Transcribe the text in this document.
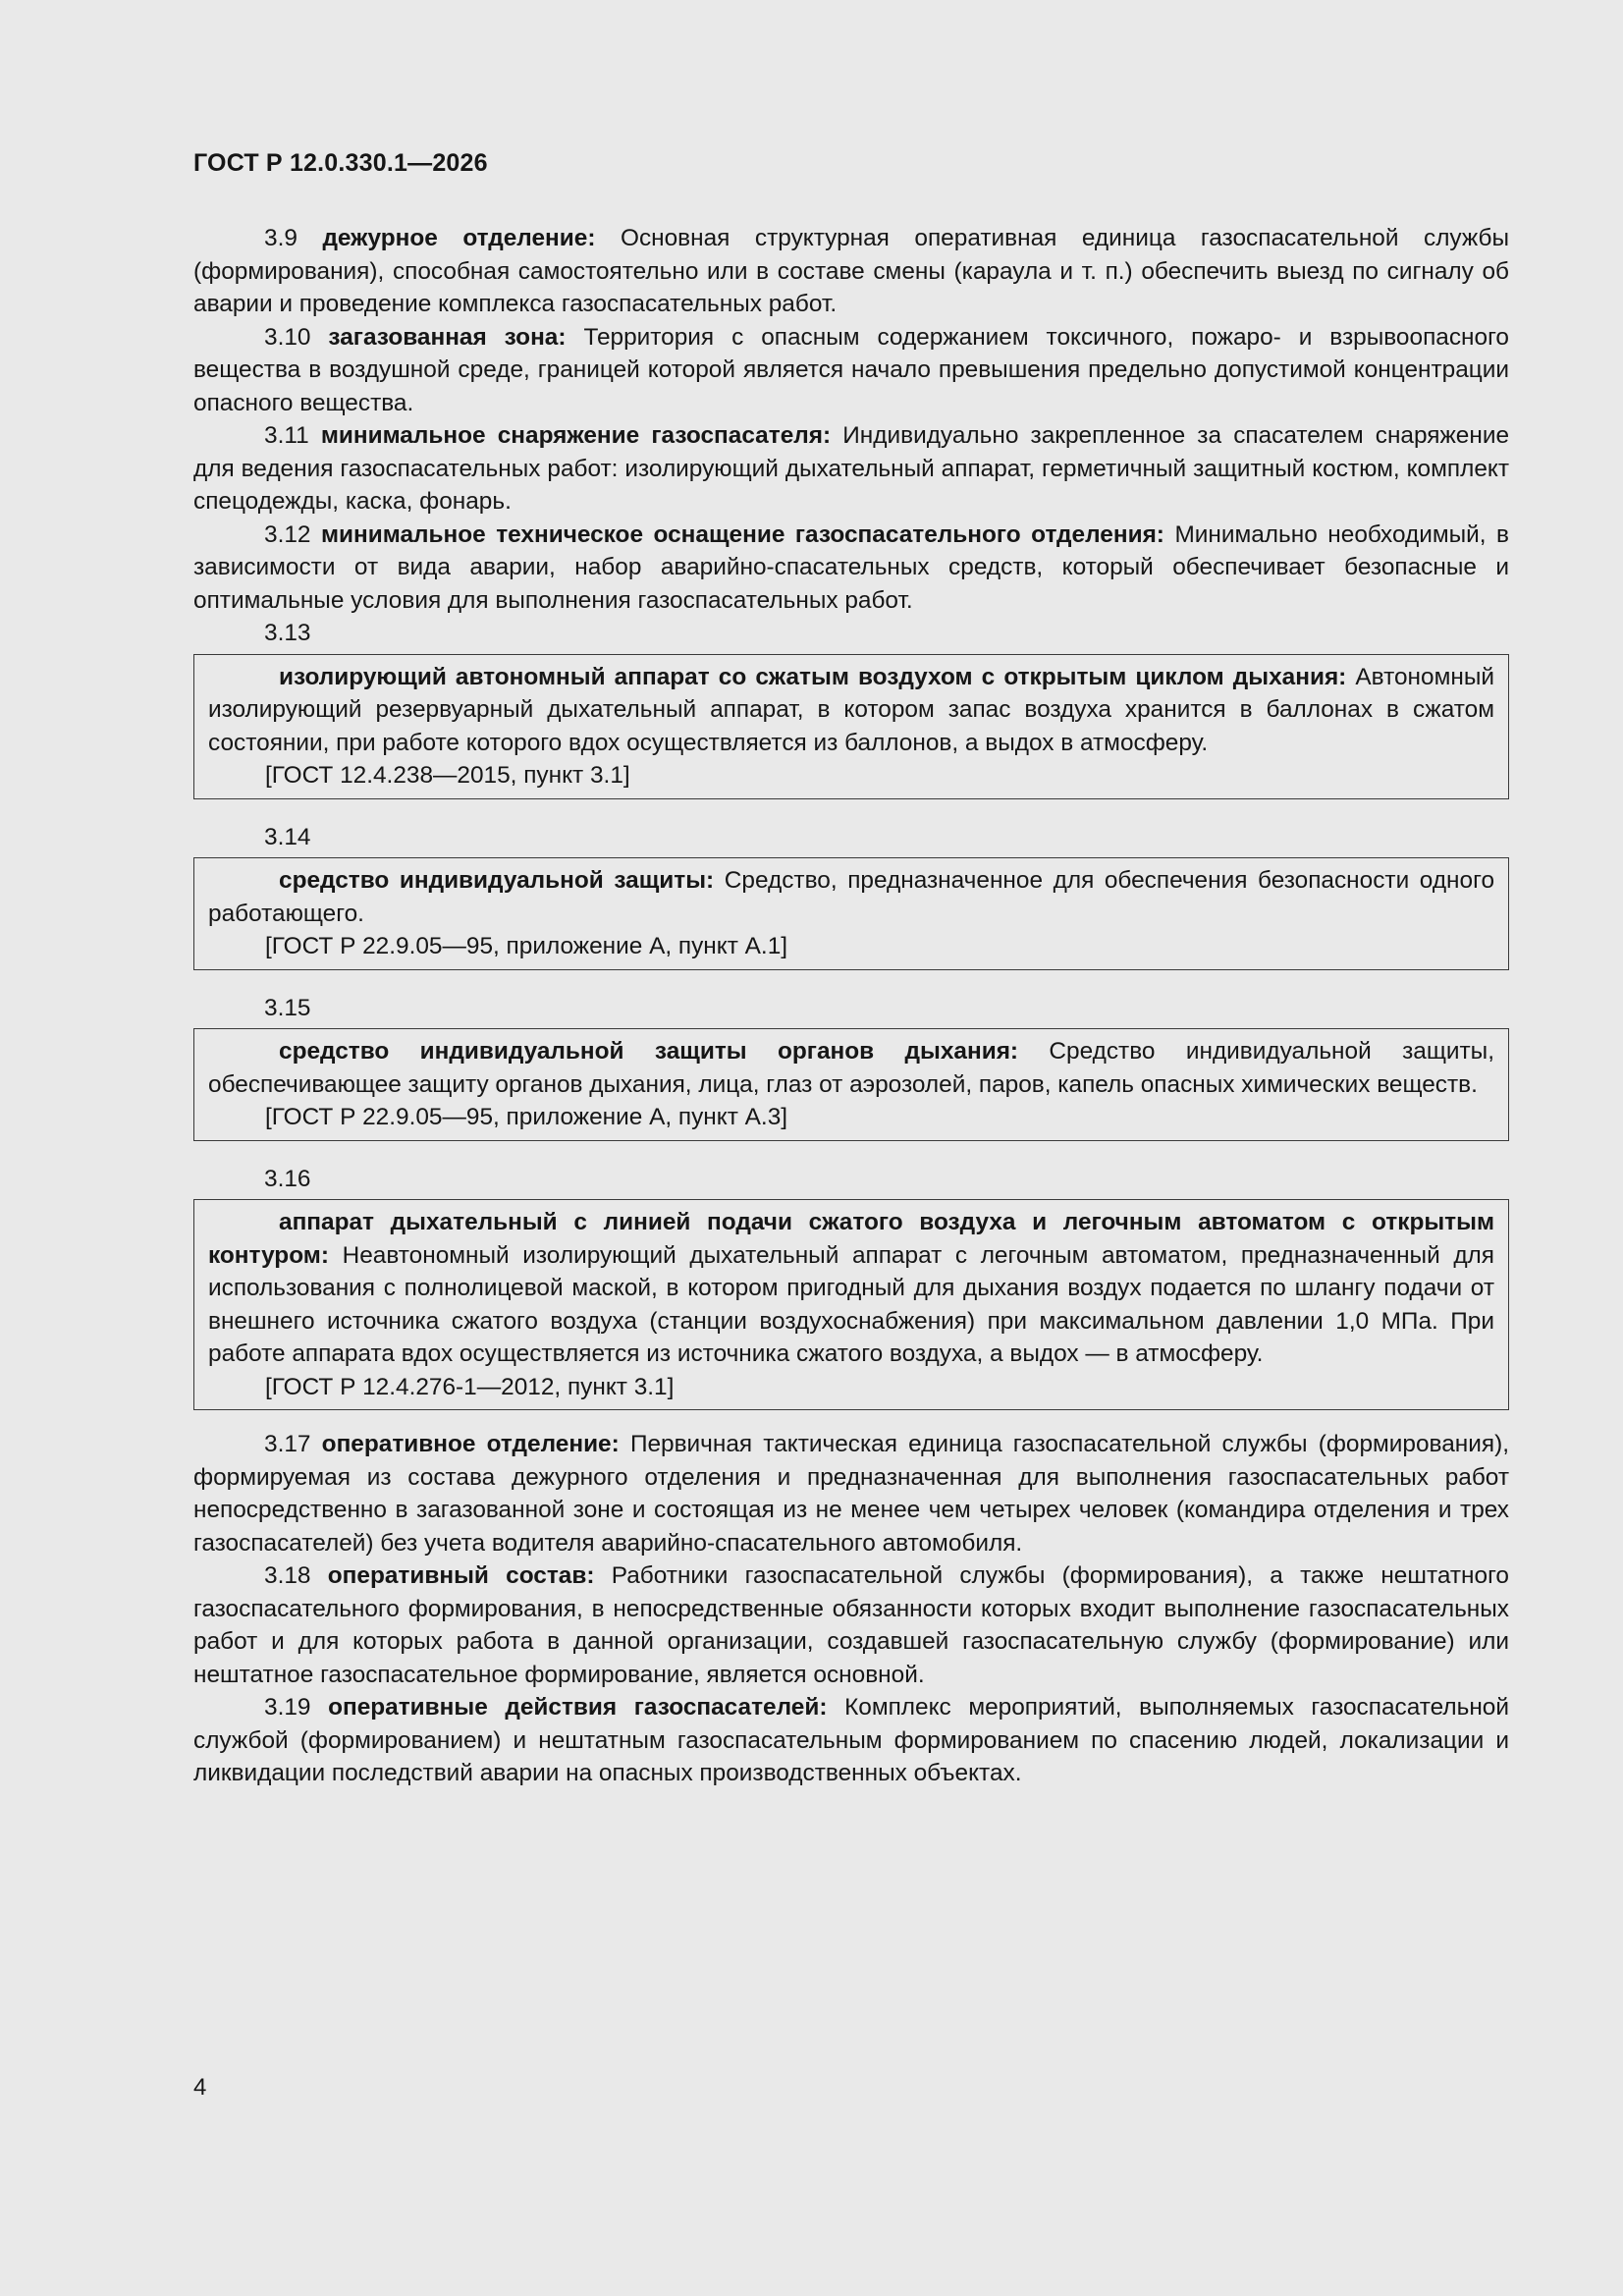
ГОСТ Р 12.0.330.1—2026

3.9 дежурное отделение: Основная структурная оперативная единица газоспасательной службы (формирования), способная самостоятельно или в составе смены (караула и т. п.) обеспечить выезд по сигналу об аварии и проведение комплекса газоспасательных работ.

3.10 загазованная зона: Территория с опасным содержанием токсичного, пожаро- и взрывоопасного вещества в воздушной среде, границей которой является начало превышения предельно допустимой концентрации опасного вещества.

3.11 минимальное снаряжение газоспасателя: Индивидуально закрепленное за спасателем снаряжение для ведения газоспасательных работ: изолирующий дыхательный аппарат, герметичный защитный костюм, комплект спецодежды, каска, фонарь.

3.12 минимальное техническое оснащение газоспасательного отделения: Минимально необходимый, в зависимости от вида аварии, набор аварийно-спасательных средств, который обеспечивает безопасные и оптимальные условия для выполнения газоспасательных работ.

3.13

изолирующий автономный аппарат со сжатым воздухом с открытым циклом дыхания: Автономный изолирующий резервуарный дыхательный аппарат, в котором запас воздуха хранится в баллонах в сжатом состоянии, при работе которого вдох осуществляется из баллонов, а выдох в атмосферу.

[ГОСТ 12.4.238—2015, пункт 3.1]

3.14

средство индивидуальной защиты: Средство, предназначенное для обеспечения безопасности одного работающего.

[ГОСТ Р 22.9.05—95, приложение А, пункт А.1]

3.15

средство индивидуальной защиты органов дыхания: Средство индивидуальной защиты, обеспечивающее защиту органов дыхания, лица, глаз от аэрозолей, паров, капель опасных химических веществ.

[ГОСТ Р 22.9.05—95, приложение А, пункт А.3]

3.16

аппарат дыхательный с линией подачи сжатого воздуха и легочным автоматом с открытым контуром: Неавтономный изолирующий дыхательный аппарат с легочным автоматом, предназначенный для использования с полнолицевой маской, в котором пригодный для дыхания воздух подается по шлангу подачи от внешнего источника сжатого воздуха (станции воздухоснабжения) при максимальном давлении 1,0 МПа. При работе аппарата вдох осуществляется из источника сжатого воздуха, а выдох — в атмосферу.

[ГОСТ Р 12.4.276-1—2012, пункт 3.1]

3.17 оперативное отделение: Первичная тактическая единица газоспасательной службы (формирования), формируемая из состава дежурного отделения и предназначенная для выполнения газоспасательных работ непосредственно в загазованной зоне и состоящая из не менее чем четырех человек (командира отделения и трех газоспасателей) без учета водителя аварийно-спасательного автомобиля.

3.18 оперативный состав: Работники газоспасательной службы (формирования), а также нештатного газоспасательного формирования, в непосредственные обязанности которых входит выполнение газоспасательных работ и для которых работа в данной организации, создавшей газоспасательную службу (формирование) или нештатное газоспасательное формирование, является основной.

3.19 оперативные действия газоспасателей: Комплекс мероприятий, выполняемых газоспасательной службой (формированием) и нештатным газоспасательным формированием по спасению людей, локализации и ликвидации последствий аварии на опасных производственных объектах.

4
